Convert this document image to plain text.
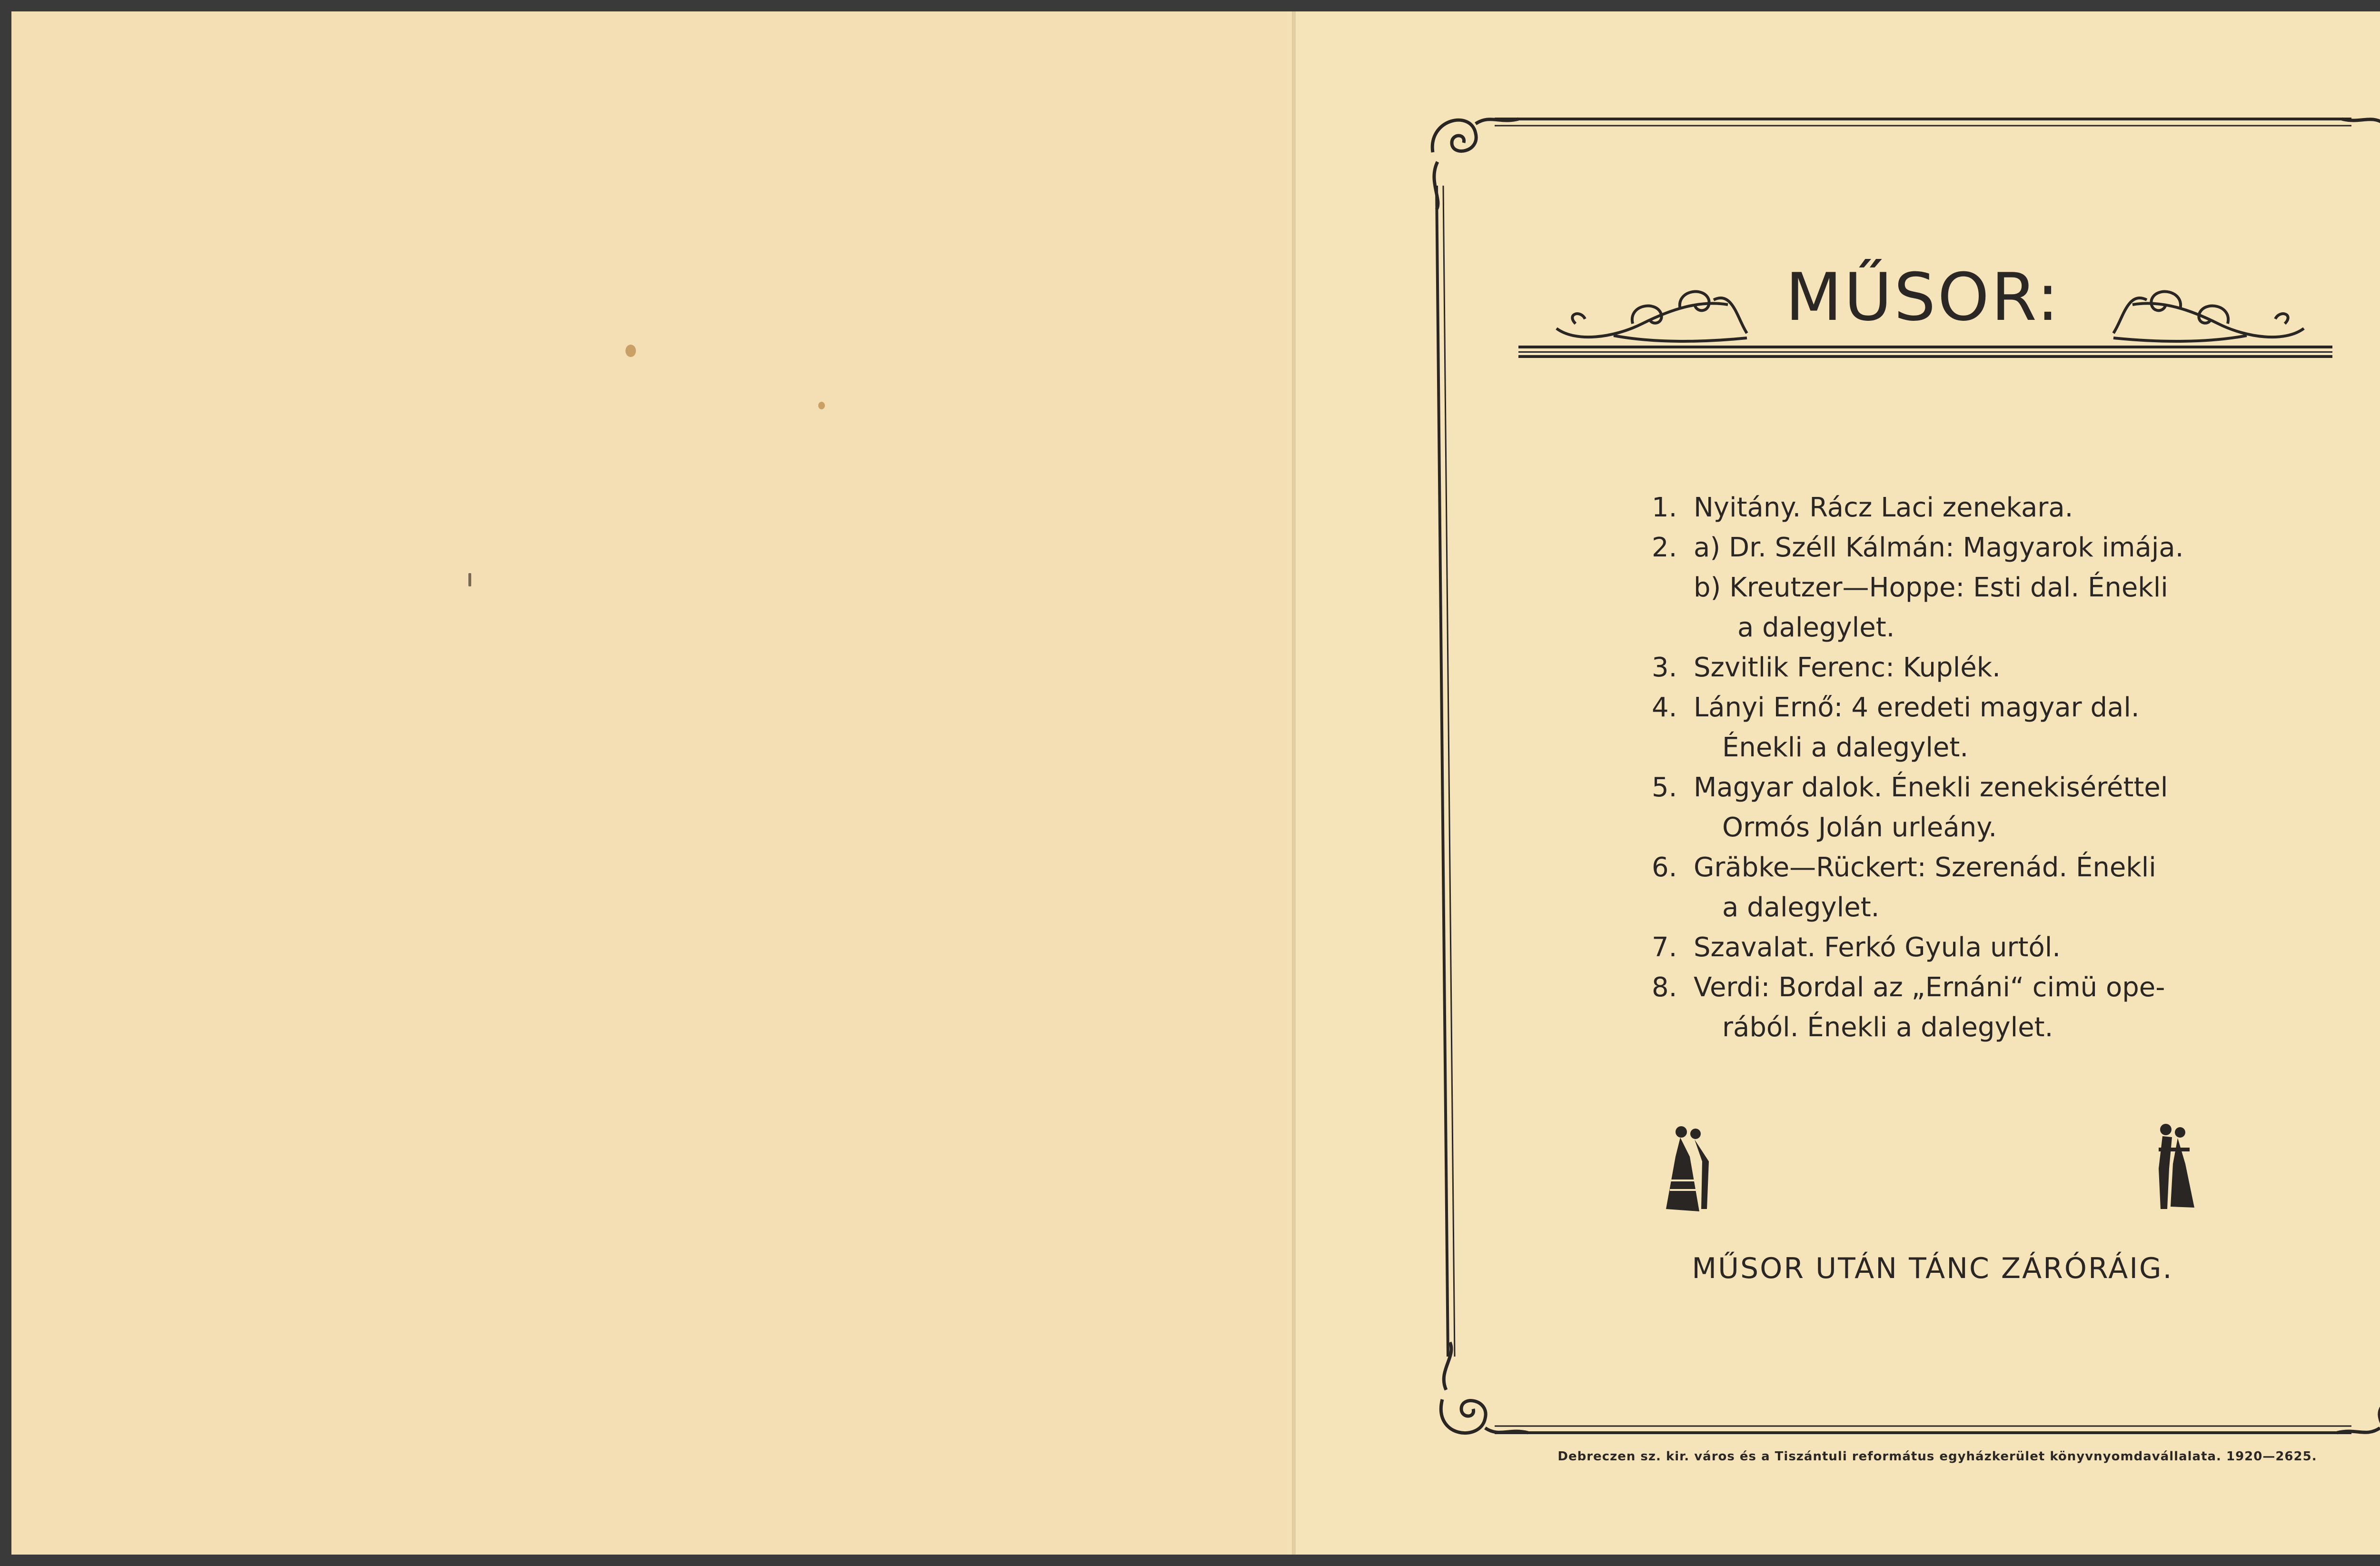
MŰSOR:
1. Nyitány. Rácz Laci zenekara.
2. a) Dr. Széll Kálmán: Magyarok imája.
b) Kreutzer—Hoppe: Esti dal. Énekli
a dalegylet.
3. Szvitlik Ferenc: Kuplék.
4. Lányi Ernő: 4 eredeti magyar dal.
Énekli a dalegylet.
5. Magyar dalok. Énekli zenekiséréttel
Ormós Jolán urleány.
6. Gräbke—Rückert: Szerenád. Énekli
a dalegylet.
7. Szavalat. Ferkó Gyula urtól.
8. Verdi: Bordal az „Ernáni“ cimü ope-
rából. Énekli a dalegylet.
MŰSOR UTÁN TÁNC ZÁRÓRÁIG.
Debreczen sz. kir. város és a Tiszántuli református egyházkerület könyvnyomdavállalata. 1920—2625.
